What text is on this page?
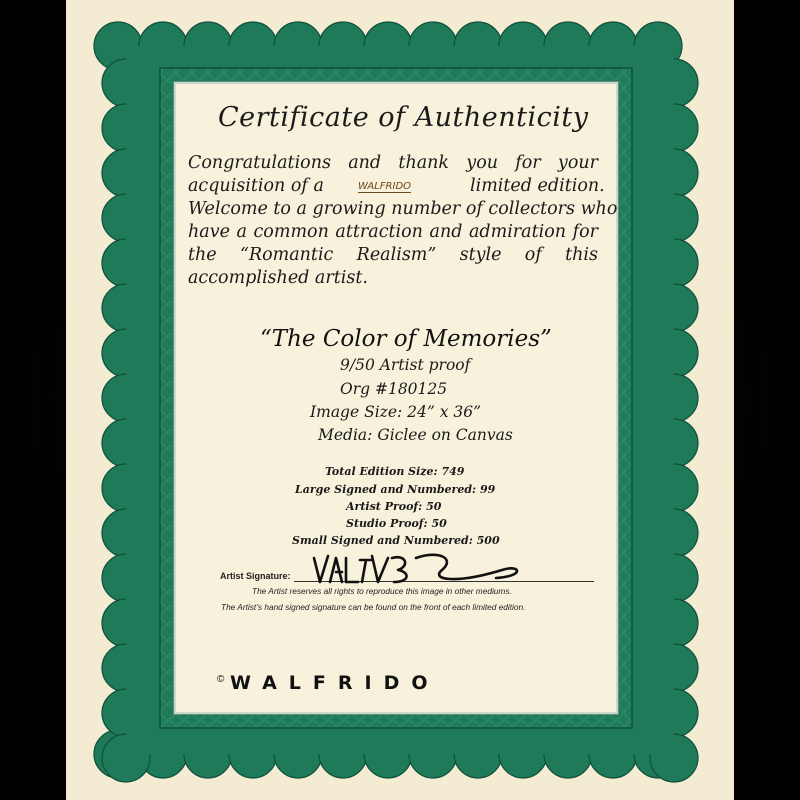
Certificate of Authenticity
Congratulations and thank you for your
acquisition of a	WALFRIDO	limited edition.
Welcome to a growing number of collectors who
have a common attraction and admiration for
the “Romantic Realism” style of this
accomplished artist.
“The Color of Memories”
9/50 Artist proof
Org #180125
Image Size: 24” x 36”
Media: Giclee on Canvas
Total Edition Size: 749
Large Signed and Numbered: 99
Artist Proof: 50
Studio Proof: 50
Small Signed and Numbered: 500
Artist Signature:
The Artist reserves all rights to reproduce this image in other mediums.
The Artist’s hand signed signature can be found on the front of each limited edition.
© WALFRIDO
